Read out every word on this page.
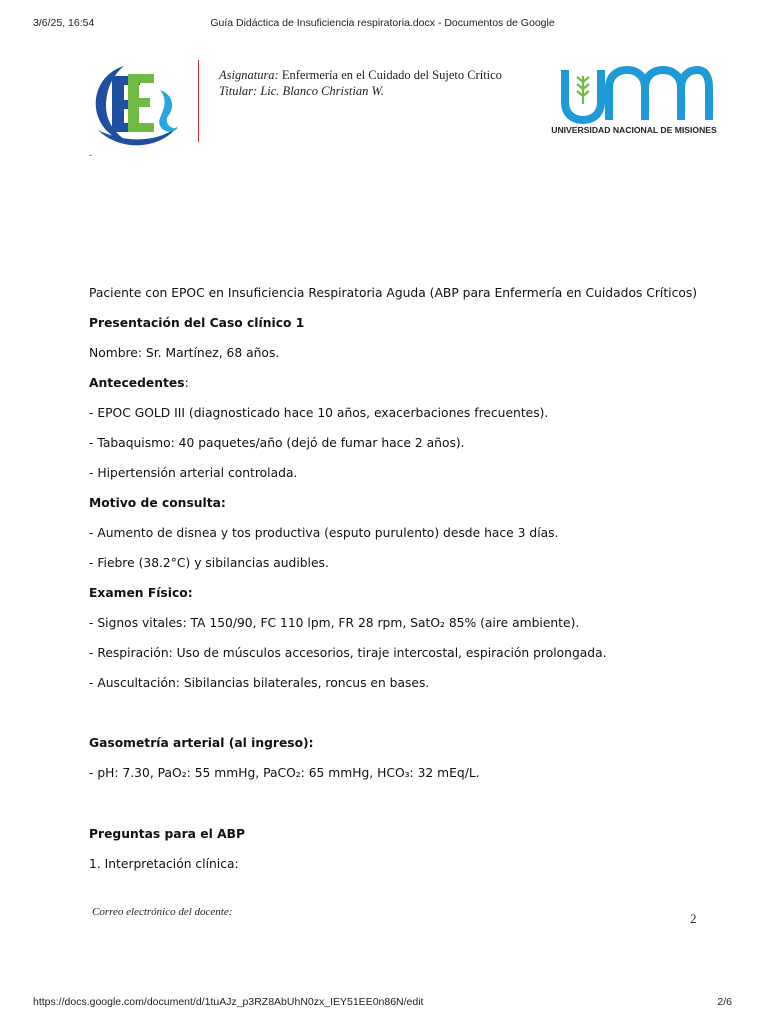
3/6/25, 16:54	Guía Didáctica de Insuficiencia respiratoria.docx - Documentos de Google
Asignatura: Enfermería en el Cuidado del Sujeto Crítico
Titular: Lic. Blanco Christian W.
UNIVERSIDAD NACIONAL DE MISIONES
-

Paciente con EPOC en Insuficiencia Respiratoria Aguda (ABP para Enfermería en Cuidados Críticos)

Presentación del Caso clínico 1

Nombre: Sr. Martínez, 68 años.

Antecedentes:

- EPOC GOLD III (diagnosticado hace 10 años, exacerbaciones frecuentes).

- Tabaquismo: 40 paquetes/año (dejó de fumar hace 2 años).

- Hipertensión arterial controlada.

Motivo de consulta:

- Aumento de disnea y tos productiva (esputo purulento) desde hace 3 días.

- Fiebre (38.2°C) y sibilancias audibles.

Examen Físico:

- Signos vitales: TA 150/90, FC 110 lpm, FR 28 rpm, SatO₂ 85% (aire ambiente).

- Respiración: Uso de músculos accesorios, tiraje intercostal, espiración prolongada.

- Auscultación: Sibilancias bilaterales, roncus en bases.

Gasometría arterial (al ingreso):

- pH: 7.30, PaO₂: 55 mmHg, PaCO₂: 65 mmHg, HCO₃: 32 mEq/L.

Preguntas para el ABP

1. Interpretación clínica:

Correo electrónico del docente:	2
https://docs.google.com/document/d/1tuAJz_p3RZ8AbUhN0zx_IEY51EE0n86N/edit	2/6
